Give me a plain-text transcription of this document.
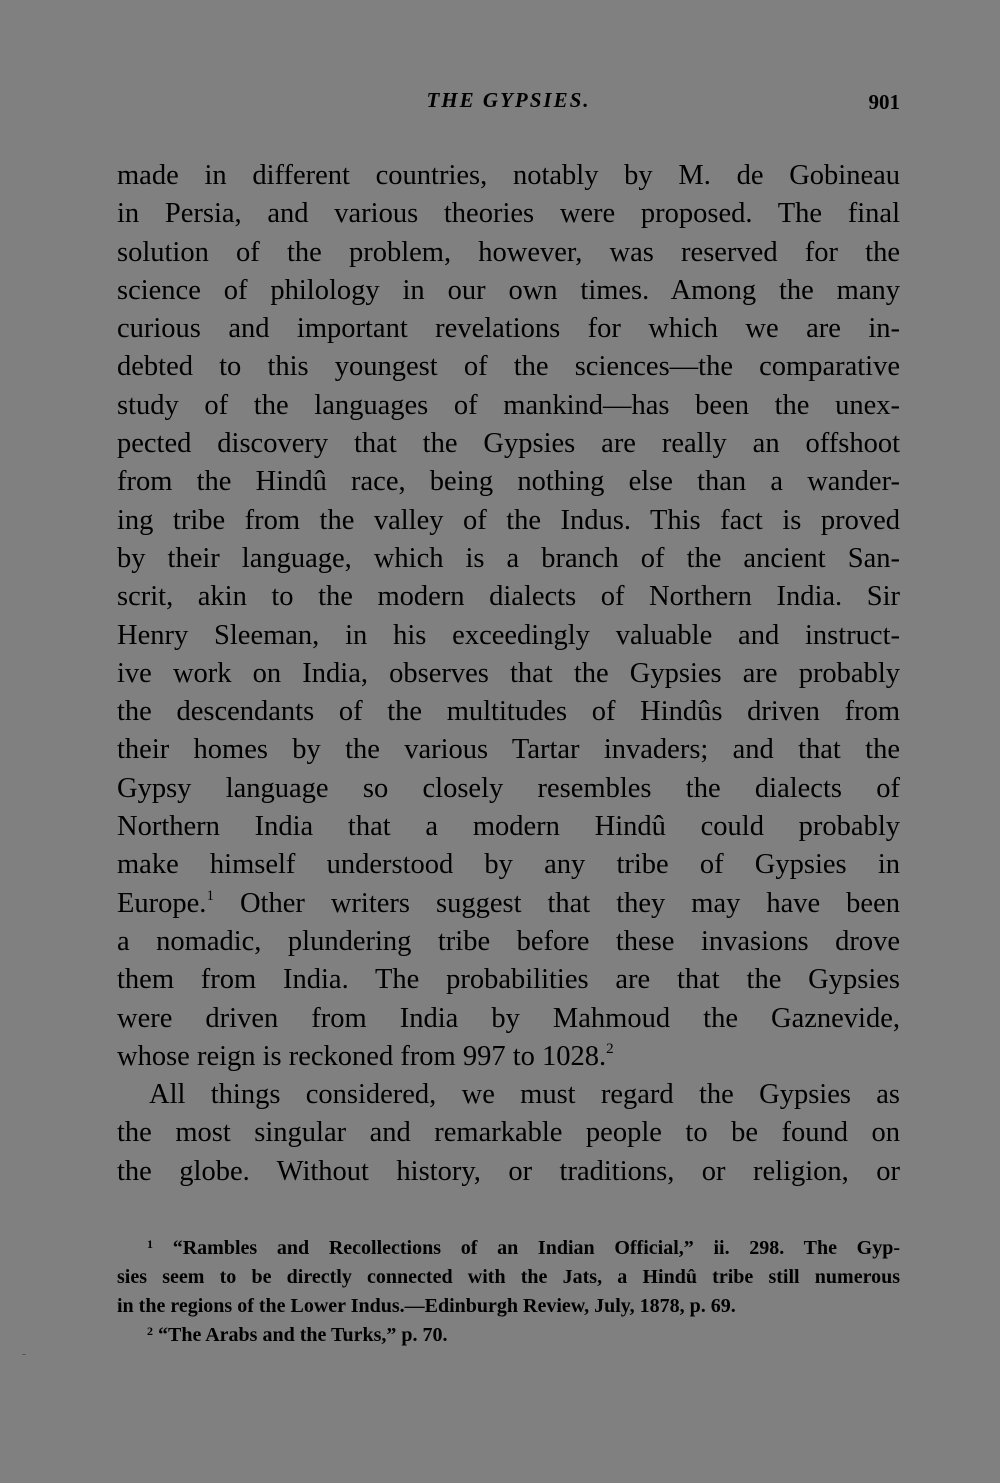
THE GYPSIES.	901
made in different countries, notably by M. de Gobineau
in Persia, and various theories were proposed. The final
solution of the problem, however, was reserved for the
science of philology in our own times. Among the many
curious and important revelations for which we are in-
debted to this youngest of the sciences—the comparative
study of the languages of mankind—has been the unex-
pected discovery that the Gypsies are really an offshoot
from the Hindû race, being nothing else than a wander-
ing tribe from the valley of the Indus. This fact is proved
by their language, which is a branch of the ancient San-
scrit, akin to the modern dialects of Northern India. Sir
Henry Sleeman, in his exceedingly valuable and instruct-
ive work on India, observes that the Gypsies are probably
the descendants of the multitudes of Hindûs driven from
their homes by the various Tartar invaders; and that the
Gypsy language so closely resembles the dialects of
Northern India that a modern Hindû could probably
make himself understood by any tribe of Gypsies in
Europe.$^1$ Other writers suggest that they may have been
a nomadic, plundering tribe before these invasions drove
them from India. The probabilities are that the Gypsies
were driven from India by Mahmoud the Gaznevide,
whose reign is reckoned from 997 to 1028.$^2$
All things considered, we must regard the Gypsies as
the most singular and remarkable people to be found on
the globe. Without history, or traditions, or religion, or
$^1$ “Rambles and Recollections of an Indian Official,” ii. 298. The Gyp-
sies seem to be directly connected with the Jats, a Hindû tribe still numerous
in the regions of the Lower Indus.—Edinburgh Review, July, 1878, p. 69.
$^2$ “The Arabs and the Turks,” p. 70.
